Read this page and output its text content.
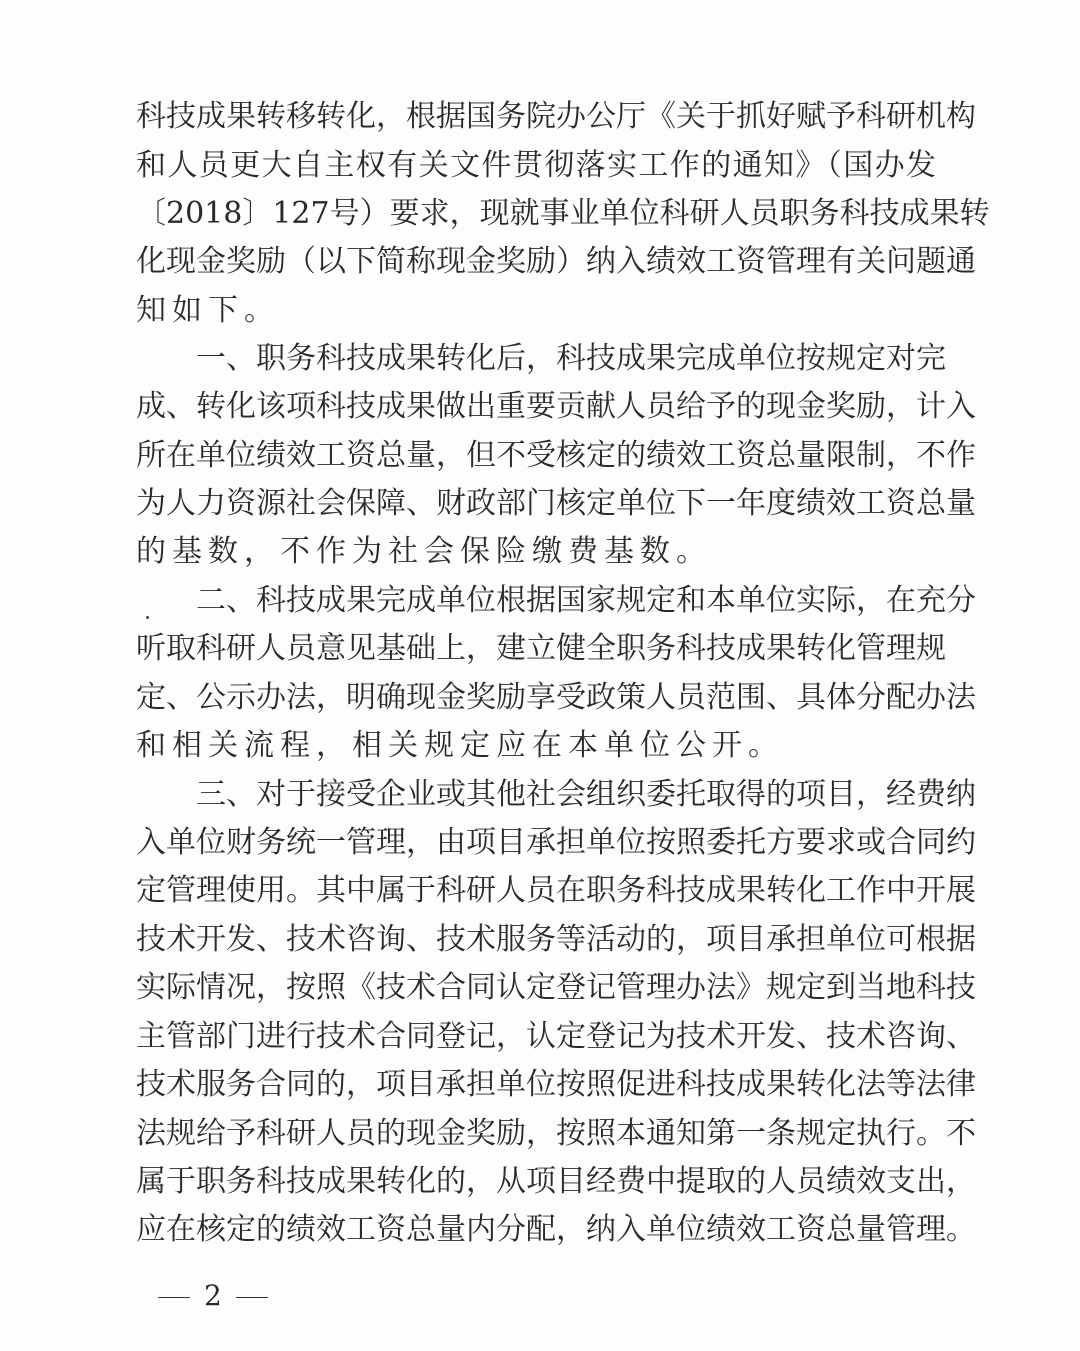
科技成果转移转化，根据国务院办公厅《关于抓好赋予科研机构
和人员更大自主权有关文件贯彻落实工作的通知》（国办发
〔2018〕127号）要求，现就事业单位科研人员职务科技成果转
化现金奖励（以下简称现金奖励）纳入绩效工资管理有关问题通
知如下。
一、职务科技成果转化后，科技成果完成单位按规定对完
成、转化该项科技成果做出重要贡献人员给予的现金奖励，计入
所在单位绩效工资总量，但不受核定的绩效工资总量限制，不作
为人力资源社会保障、财政部门核定单位下一年度绩效工资总量
的基数，不作为社会保险缴费基数。
二、科技成果完成单位根据国家规定和本单位实际，在充分
听取科研人员意见基础上，建立健全职务科技成果转化管理规
定、公示办法，明确现金奖励享受政策人员范围、具体分配办法
和相关流程，相关规定应在本单位公开。
三、对于接受企业或其他社会组织委托取得的项目，经费纳
入单位财务统一管理，由项目承担单位按照委托方要求或合同约
定管理使用。其中属于科研人员在职务科技成果转化工作中开展
技术开发、技术咨询、技术服务等活动的，项目承担单位可根据
实际情况，按照《技术合同认定登记管理办法》规定到当地科技
主管部门进行技术合同登记，认定登记为技术开发、技术咨询、
技术服务合同的，项目承担单位按照促进科技成果转化法等法律
法规给予科研人员的现金奖励，按照本通知第一条规定执行。不
属于职务科技成果转化的，从项目经费中提取的人员绩效支出，
应在核定的绩效工资总量内分配，纳入单位绩效工资总量管理。
2
